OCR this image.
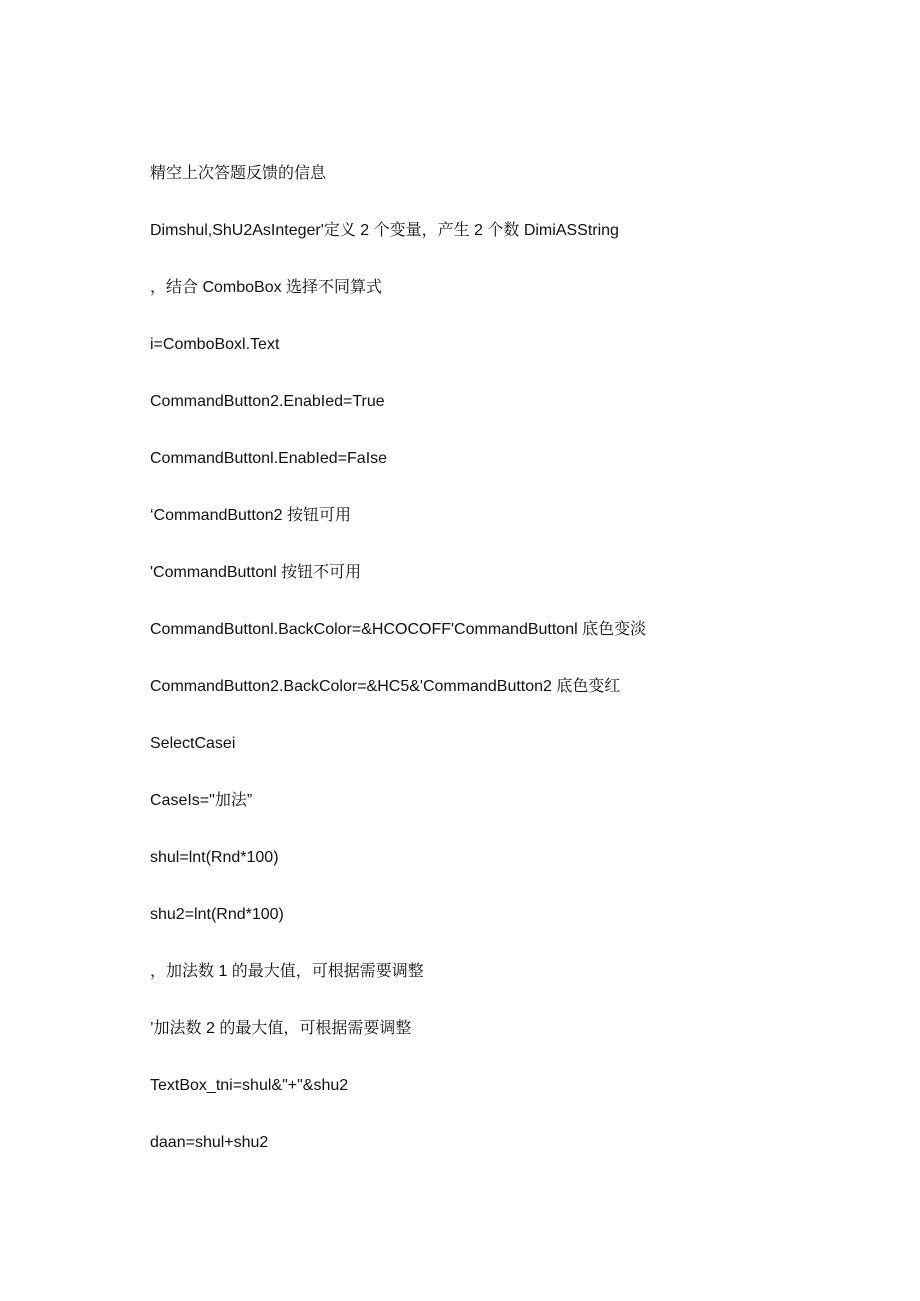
精空上次答题反馈的信息
Dimshul,ShU2AsInteger'定义 2 个变量，产生 2 个数 DimiASString
，结合 ComboBox 选择不同算式
i=ComboBoxl.Text
CommandButton2.EnabIed=True
CommandButtonl.EnabIed=FaIse
‘CommandButton2 按钮可用
'CommandButtonl 按钮不可用
CommandButtonl.BackColor=&HCOCOFF'CommandButtonl 底色变淡
CommandButton2.BackColor=&HC5&'CommandButton2 底色变红
SelectCasei
CaseIs="加法”
shul=lnt(Rnd*100)
shu2=lnt(Rnd*100)
，加法数 1 的最大值，可根据需要调整
’加法数 2 的最大值，可根据需要调整
TextBox_tni=shul&"+"&shu2
daan=shul+shu2
